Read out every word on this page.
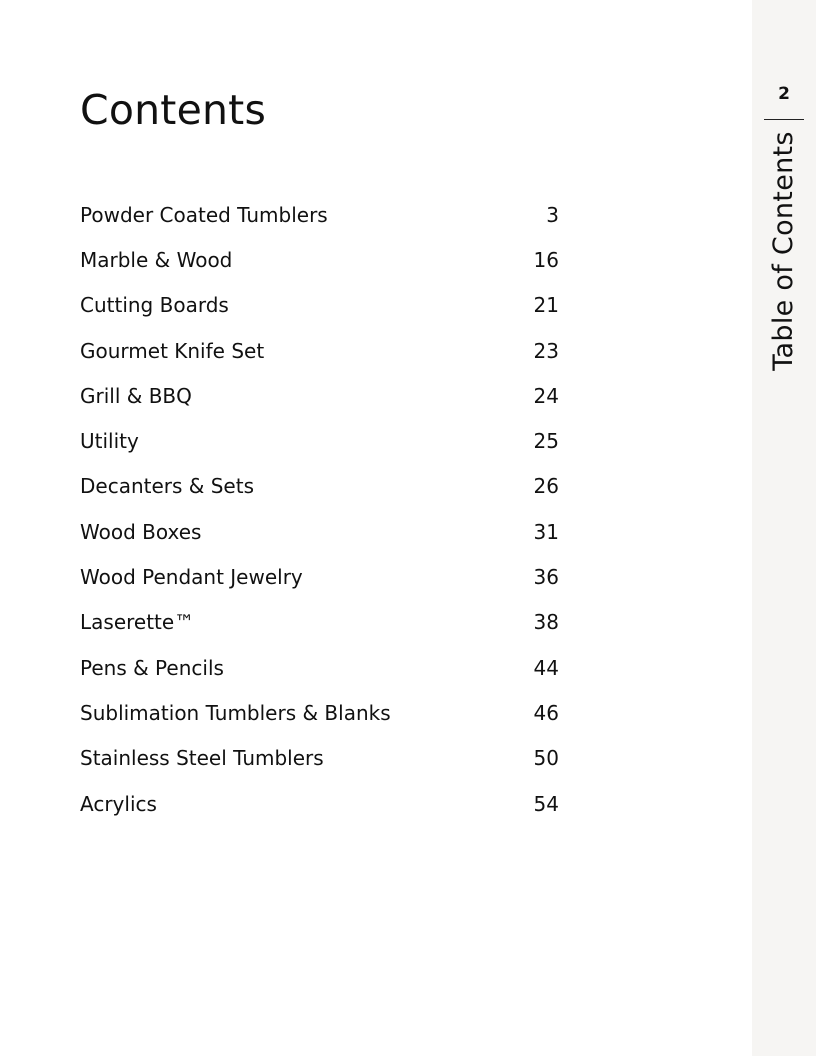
Contents
Powder Coated Tumblers	3
Marble & Wood	16
Cutting Boards	21
Gourmet Knife Set	23
Grill & BBQ	24
Utility	25
Decanters & Sets	26
Wood Boxes	31
Wood Pendant Jewelry	36
Laserette™	38
Pens & Pencils	44
Sublimation Tumblers & Blanks	46
Stainless Steel Tumblers	50
Acrylics	54
2
Table of Contents
